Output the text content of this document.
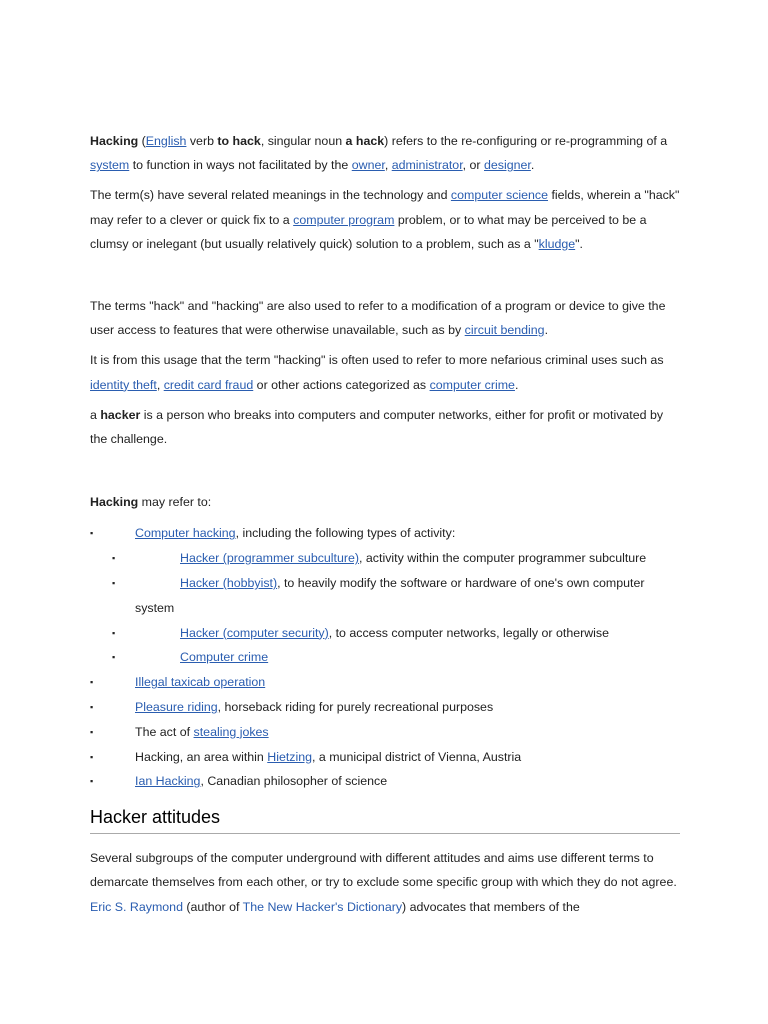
Hacking (English verb to hack, singular noun a hack) refers to the re-configuring or re-programming of a system to function in ways not facilitated by the owner, administrator, or designer.

The term(s) have several related meanings in the technology and computer science fields, wherein a "hack" may refer to a clever or quick fix to a computer program problem, or to what may be perceived to be a clumsy or inelegant (but usually relatively quick) solution to a problem, such as a "kludge".

The terms "hack" and "hacking" are also used to refer to a modification of a program or device to give the user access to features that were otherwise unavailable, such as by circuit bending.

It is from this usage that the term "hacking" is often used to refer to more nefarious criminal uses such as identity theft, credit card fraud or other actions categorized as computer crime.

a hacker is a person who breaks into computers and computer networks, either for profit or motivated by the challenge.

Hacking may refer to:

▪	Computer hacking, including the following types of activity:
▪	Hacker (programmer subculture), activity within the computer programmer subculture
▪	Hacker (hobbyist), to heavily modify the software or hardware of one's own computer
system
▪	Hacker (computer security), to access computer networks, legally or otherwise
▪	Computer crime
▪	Illegal taxicab operation
▪	Pleasure riding, horseback riding for purely recreational purposes
▪	The act of stealing jokes
▪	Hacking, an area within Hietzing, a municipal district of Vienna, Austria
▪	Ian Hacking, Canadian philosopher of science
Hacker attitudes

Several subgroups of the computer underground with different attitudes and aims use different terms to demarcate themselves from each other, or try to exclude some specific group with which they do not agree. Eric S. Raymond (author of The New Hacker's Dictionary) advocates that members of the
